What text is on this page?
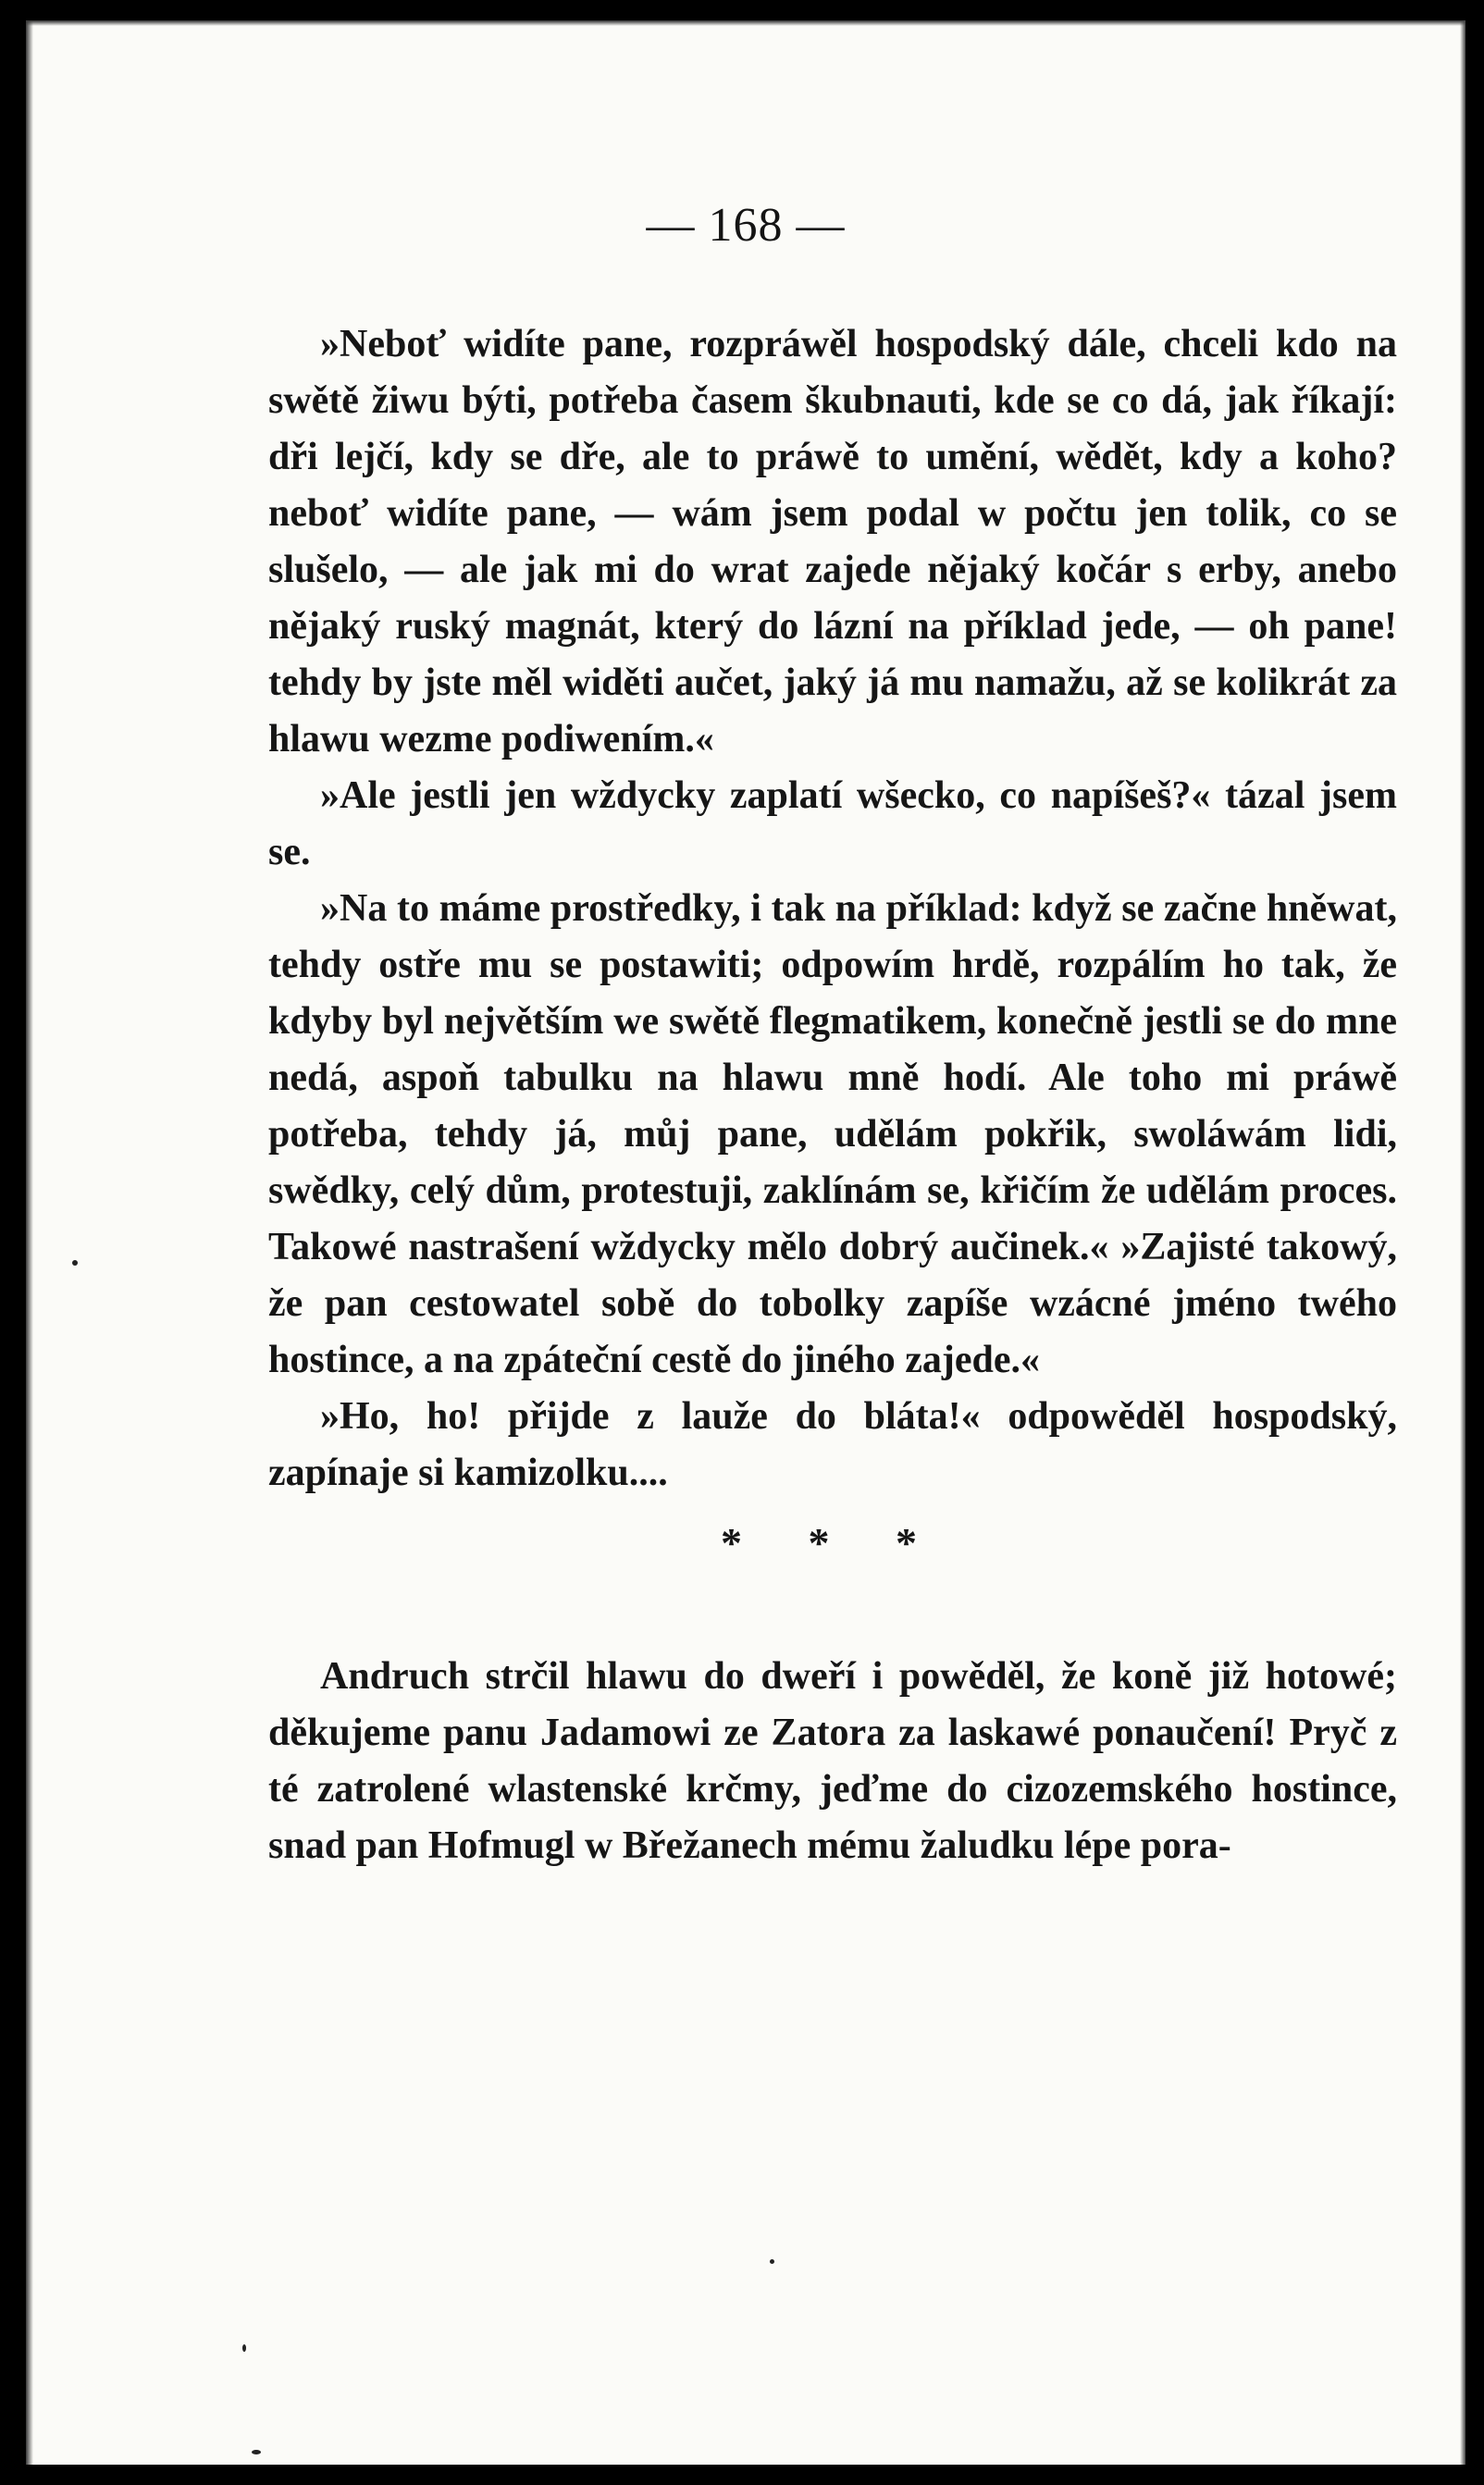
— 168 —

»Neboť widíte pane, rozpráwěl hospodský dále, chceli kdo na swětě žiwu býti, potřeba časem škubnauti, kde se co dá, jak říkají: dři lejčí, kdy se dře, ale to práwě to umění, wědět, kdy a koho? neboť widíte pane, — wám jsem podal w počtu jen tolik, co se slušelo, — ale jak mi do wrat zajede nějaký kočár s erby, anebo nějaký ruský magnát, který do lázní na příklad jede, — oh pane! tehdy by jste měl widěti aučet, jaký já mu namažu, až se kolikrát za hlawu wezme podiwením.«

»Ale jestli jen wždycky zaplatí wšecko, co napíšeš?« tázal jsem se.

»Na to máme prostředky, i tak na příklad: když se začne hněwat, tehdy ostře mu se postawiti; odpowím hrdě, rozpálím ho tak, že kdyby byl největším we swětě flegmatikem, konečně jestli se do mne nedá, aspoň tabulku na hlawu mně hodí. Ale toho mi práwě potřeba, tehdy já, můj pane, udělám pokřik, swoláwám lidi, swědky, celý dům, protestuji, zaklínám se, křičím že udělám proces. Takowé nastrašení wždycky mělo dobrý aučinek.« »Zajisté takowý, že pan cestowatel sobě do tobolky zapíše wzácné jméno twého hostince, a na zpáteční cestě do jiného zajede.«

»Ho, ho! přijde z lauže do bláta!« odpowěděl hospodský, zapínaje si kamizolku....

* * *

Andruch strčil hlawu do dweří i powěděl, že koně již hotowé; děkujeme panu Jadamowi ze Zatora za laskawé ponaučení! Pryč z té zatrolené wlastenské krčmy, jeďme do cizozemského hostince, snad pan Hofmugl w Břežanech mému žaludku lépe pora-
